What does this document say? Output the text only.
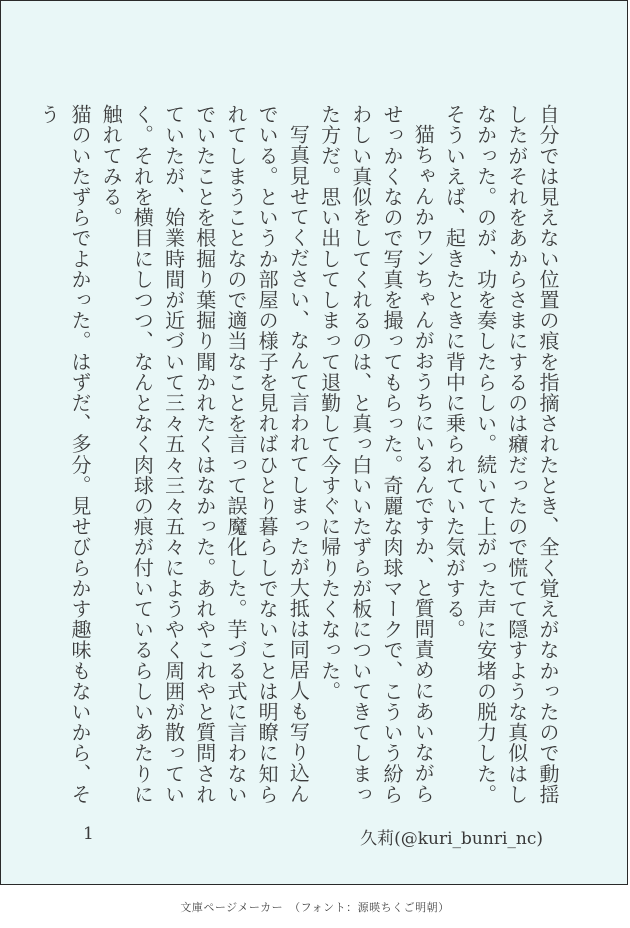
自分では見えない位置の痕を指摘されたとき、全く覚えがなかったので動揺したがそれをあからさまにするのは癪だったので慌てて隠すような真似はしなかった。のが、功を奏したらしい。続いて上がった声に安堵の脱力した。そういえば、起きたときに背中に乗られていた気がする。

猫ちゃんかワンちゃんがおうちにいるんですか、と質問責めにあいながらせっかくなので写真を撮ってもらった。奇麗な肉球マークで、こういう紛らわしい真似をしてくれるのは、と真っ白いいたずらが板についてきてしまった方だ。思い出してしまって退勤して今すぐに帰りたくなった。

写真見せてください、なんて言われてしまったが大抵は同居人も写り込んでいる。というか部屋の様子を見ればひとり暮らしでないことは明瞭に知られてしまうことなので適当なことを言って誤魔化した。芋づる式に言わないでいたことを根掘り葉掘り聞かれたくはなかった。あれやこれやと質問されていたが、始業時間が近づいて三々五々三々五々にようやく周囲が散っていく。それを横目にしつつ、なんとなく肉球の痕が付いているらしいあたりに触れてみる。

猫のいたずらでよかった。はずだ、多分。見せびらかす趣味もないから、そう

1	久莉(@kuri_bunri_nc)
文庫ページメーカー　（フォント：源暎ちくご明朝）
